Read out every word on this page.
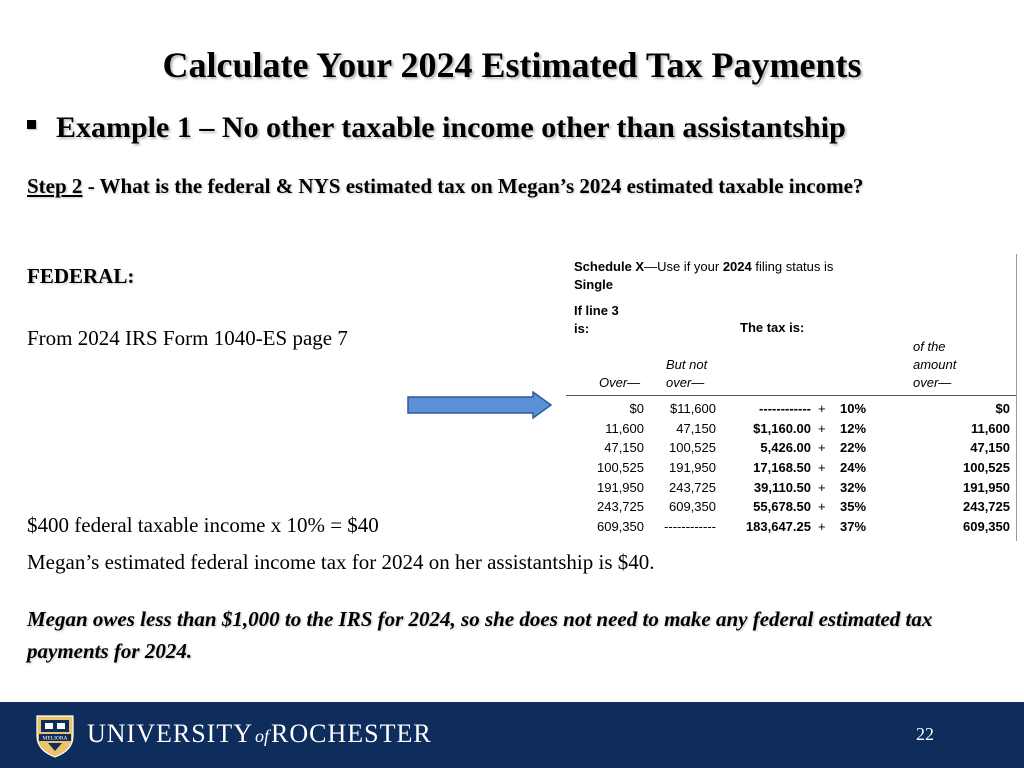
Calculate Your 2024 Estimated Tax Payments
Example 1 – No other taxable income other than assistantship
Step 2 - What is the federal & NYS estimated tax on Megan’s 2024 estimated taxable income?
FEDERAL:
From 2024 IRS Form 1040-ES page 7
Schedule X—Use if your 2024 filing status is
Single
If line 3
is:	The tax is:
Over—
But not
over—
of the
amount
over—
$0 $11,600	------------ + 10%	$0
11,600 47,150	$1,160.00 + 12%	11,600
47,150 100,525	5,426.00 + 22%	47,150
100,525 191,950	17,168.50 + 24%	100,525
191,950 243,725	39,110.50 + 32%	191,950
243,725 609,350	55,678.50 + 35%	243,725
609,350 ------------ 183,647.25 + 37%	609,350
$400 federal taxable income x 10% = $40
Megan’s estimated federal income tax for 2024 on her assistantship is $40.
Megan owes less than $1,000 to the IRS for 2024, so she does not need to make any federal estimated tax payments for 2024.
MELIORA UNIVERSITY ofROCHESTER	22
